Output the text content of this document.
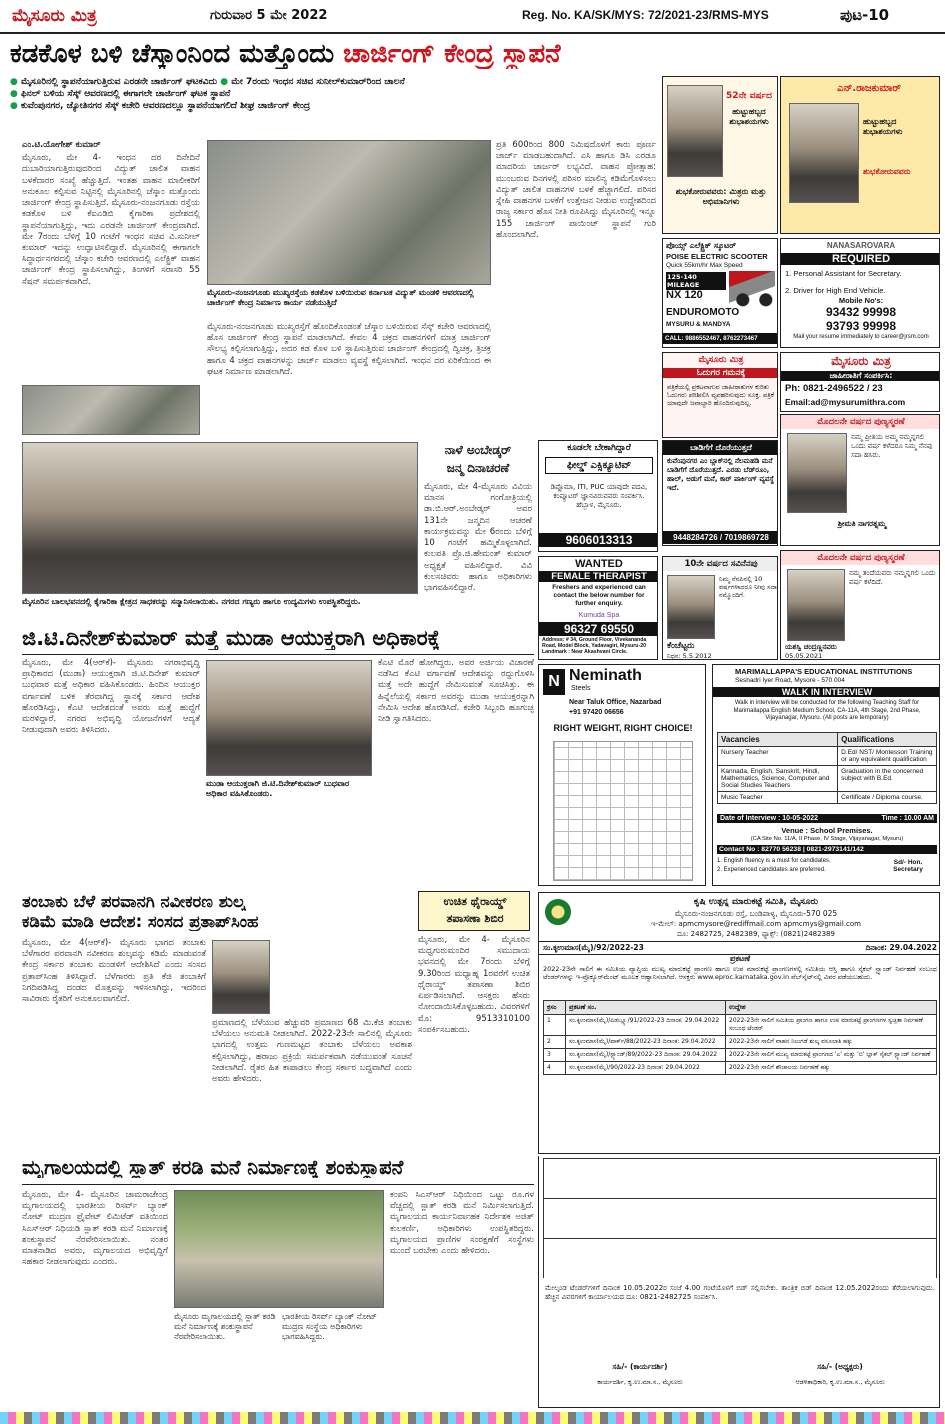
ಮೈಸೂರು ಮಿತ್ರ	ಗುರುವಾರ 5 ಮೇ 2022	Reg. No. KA/SK/MYS: 72/2021-23/RMS-MYS	ಪುಟ-10
ಕಡಕೊಳ ಬಳಿ ಚೆಸ್ಕಾಂನಿಂದ ಮತ್ತೊಂದು ಚಾರ್ಜಿಂಗ್ ಕೇಂದ್ರ ಸ್ಥಾಪನೆ
● ಮೈಸೂರಿನಲ್ಲಿ ಸ್ಥಾಪನೆಯಾಗುತ್ತಿರುವ ಎರಡನೇ ಚಾರ್ಜಿಂಗ್ ಘಟಕವಿದು ● ಮೇ 7ರಂದು ಇಂಧನ ಸಚಿವ ಸುನೀಲ್‌ಕುಮಾರ್‌ರಿಂದ ಚಾಲನೆ
● ಫಿನಲ್ ಬಳಿಯ ಸೆಸ್ಕ್ ಆವರಣದಲ್ಲಿ ಈಗಾಗಲೇ ಚಾರ್ಜಿಂಗ್ ಘಟಕ ಸ್ಥಾಪನೆ
● ಕುವೆಂಪುನಗರ, ಜ್ಯೋತಿನಗರ ಸೆಸ್ಕ್ ಕಚೇರಿ ಆವರಣದಲ್ಲೂ ಸ್ಥಾಪನೆಯಾಗಲಿದೆ ಶೀಘ್ರ ಚಾರ್ಜಿಂಗ್ ಕೇಂದ್ರ
ಎಂ.ಟಿ.ಯೋಗೇಶ್ ಕುಮಾರ್
ಮೈಸೂರು, ಮೇ 4- ಇಂಧನ ದರ ದಿನೇದಿನೆ ದುಬಾರಿಯಾಗುತ್ತಿರುವುದರಿಂದ ವಿದ್ಯುತ್ ಚಾಲಿತ ವಾಹನ ಬಳಕೆದಾರರ ಸಂಖ್ಯೆ ಹೆಚ್ಚುತ್ತಿದೆ. ಇಂತಹ ವಾಹನ ಮಾಲೀಕರಿಗೆ ಅನುಕೂಲ ಕಲ್ಪಿಸುವ ನಿಟ್ಟಿನಲ್ಲಿ ಮೈಸೂರಿನಲ್ಲಿ ಚೆಸ್ಕಾಂ ಮತ್ತೊಂದು ಚಾರ್ಜಿಂಗ್ ಕೇಂದ್ರ ಸ್ಥಾಪಿಸುತ್ತಿದೆ. ಮೈಸೂರು-ನಂಜನಗೂಡು ರಸ್ತೆಯ ಕಡಕೊಳ ಬಳಿ ಕೆಐಎಡಿಬಿ ಕೈಗಾರಿಕಾ ಪ್ರದೇಶದಲ್ಲಿ ಸ್ಥಾಪನೆಯಾಗುತ್ತಿದ್ದು, ಇದು ಎರಡನೇ ಚಾರ್ಜಿಂಗ್ ಕೇಂದ್ರವಾಗಿದೆ. ಮೇ 7ರಂದು ಬೆಳಿಗ್ಗೆ 10 ಗಂಟೆಗೆ ಇಂಧನ ಸಚಿವ ವಿ.ಸುನೀಲ್ ಕುಮಾರ್ ಇದನ್ನು ಉದ್ಘಾಟಿಸಲಿದ್ದಾರೆ. ಮೈಸೂರಿನಲ್ಲಿ ಈಗಾಗಲೇ ಸಿದ್ಧಾರ್ಥನಗರದಲ್ಲಿ ಚೆಸ್ಕಾಂ ಕಚೇರಿ ಆವರಣದಲ್ಲಿ ಎಲೆಕ್ಟ್ರಿಕ್ ವಾಹನ ಚಾರ್ಜಿಂಗ್ ಕೇಂದ್ರ ಸ್ಥಾಪಿಸಲಾಗಿದ್ದು, ತಿಂಗಳಿಗೆ ಸರಾಸರಿ 55 ಸೆಷನ್ ಸಮರ್ಪಕವಾಗಿದೆ.
ಮೈಸೂರು-ನಂಜನಗೂಡು ಮುಖ್ಯರಸ್ತೆಯ ಕಡಕೊಳ ಬಳಿಯಿರುವ ಕರ್ನಾಟಕ ವಿದ್ಯುತ್ ಮಂಡಳಿ ಆವರಣದಲ್ಲಿ ಚಾರ್ಜಿಂಗ್ ಕೇಂದ್ರ ನಿರ್ಮಾಣ ಕಾರ್ಯ ನಡೆಯುತ್ತಿದೆ
ಮೈಸೂರು-ನಂಜನಗೂಡು ಮುಖ್ಯರಸ್ತೆಗೆ ಹೊಂದಿಕೊಂಡಂತೆ ಚೆಸ್ಕಾಂ ಬಳಿಯಿರುವ ಸೆಸ್ಕ್ ಕಚೇರಿ ಆವರಣದಲ್ಲಿ ಹೊಸ ಚಾರ್ಜಿಂಗ್ ಕೇಂದ್ರ ಸ್ಥಾಪನೆ ಮಾಡಲಾಗಿದೆ. ಕೇವಲ 4 ಚಕ್ರದ ವಾಹನಗಳಿಗೆ ಮಾತ್ರ ಚಾರ್ಜಿಂಗ್ ಸೌಲಭ್ಯ ಕಲ್ಪಿಸಲಾಗುತ್ತಿದ್ದು, ಅದರ ಕಡ ಕೊಳ ಬಳಿ ಸ್ಥಾಪಿಸುತ್ತಿರುವ ಚಾರ್ಜಿಂಗ್ ಕೇಂದ್ರದಲ್ಲಿ ದ್ವಿಚಕ್ರ, ತ್ರಿಚಕ್ರ ಹಾಗೂ 4 ಚಕ್ರದ ವಾಹನಗಳನ್ನು ಚಾರ್ಜ್ ಮಾಡಲು ವ್ಯವಸ್ಥೆ ಕಲ್ಪಿಸಲಾಗಿದೆ. ಇಂಧನ ದರ ಏರಿಕೆಯಿಂದ ಈ ಘಟಕ ನಿರ್ಮಾಣ ಮಾಡಲಾಗಿದೆ.
ಪ್ರತಿ 600ರಿಂದ 800 ನಿಮಿಷದೊಳಗೆ ಕಾರು ಪೂರ್ಣ ಚಾರ್ಜ್ ಮಾಡಬಹುದಾಗಿದೆ. ಎಸಿ ಹಾಗೂ ಡಿಸಿ ಎರಡೂ ಮಾದರಿಯ ಚಾರ್ಜರ್ ಲಭ್ಯವಿದೆ. ವಾಹನ ಪ್ರೋತ್ಸಾಹ: ಮುಂಬರುವ ದಿನಗಳಲ್ಲಿ ಪರಿಸರ ಮಾಲಿನ್ಯ ಕಡಿಮೆಗೊಳಿಸಲು ವಿದ್ಯುತ್ ಚಾಲಿತ ವಾಹನಗಳ ಬಳಕೆ ಹೆಚ್ಚಾಗಲಿದೆ. ಪರಿಸರ ಸ್ನೇಹಿ ವಾಹನಗಳ ಬಳಕೆಗೆ ಉತ್ತೇಜನ ನೀಡುವ ಉದ್ದೇಶದಿಂದ ರಾಜ್ಯ ಸರ್ಕಾರ ಹೊಸ ನೀತಿ ರೂಪಿಸಿದ್ದು ಮೈಸೂರಿನಲ್ಲಿ ಇನ್ನೂ 155 ಚಾರ್ಜಿಂಗ್ ಪಾಯಿಂಟ್ ಸ್ಥಾಪನೆ ಗುರಿ ಹೊಂದಲಾಗಿದೆ.
52ನೇ ವರ್ಷದ
ಹುಟ್ಟುಹಬ್ಬದ ಶುಭಾಶಯಗಳು
ಶುಭಕೋರುವವರು: ಮಿತ್ರರು ಮತ್ತು ಅಭಿಮಾನಿಗಳು
ಎನ್.ರಾಜಕುಮಾರ್
ಹುಟ್ಟುಹಬ್ಬದ ಶುಭಾಶಯಗಳು
ಶುಭಕೋರುವವರು
ಪೊಯ್ಸ್ ಎಲೆಕ್ಟ್ರಿಕ್ ಸ್ಕೂಟರ್
POISE ELECTRIC SCOOTER
Quick 55km/hr Max Speed
125-140 MILEAGE
NX 120
ENDUROMOTO
MYSURU & MANDYA
CALL: 9886552467, 8762273467
NANASAROVARA
REQUIRED
1. Personal Assistant for Secretary.
2. Driver for High End Vehicle.
Mobile No's:
93432 99998
93793 99998
Mail your resume immediately to career@jrsm.com
ಮೈಸೂರು ಮಿತ್ರ
ಓದುಗರ ಗಮನಕ್ಕೆ
ಪತ್ರಿಕೆಯಲ್ಲಿ ಪ್ರಕಟವಾಗುವ ಜಾಹೀರಾತುಗಳ ಕುರಿತು ಓದುಗರು ಪರಿಶೀಲಿಸಿ ವ್ಯವಹರಿಸುವುದು ಸೂಕ್ತ. ಪತ್ರಿಕೆ ಯಾವುದೇ ಜವಾಬ್ದಾರಿ ಹೊಂದಿರುವುದಿಲ್ಲ.
ಮೈಸೂರು ಮಿತ್ರ
ಜಾಹೀರಾತಿಗೆ ಸಂಪರ್ಕಿಸಿ:
Ph: 0821-2496522 / 23
Email:ad@mysurumithra.com
ಬಾಡಿಗೆಗೆ ದೊರೆಯುತ್ತದೆ
ಕುವೆಂಪುನಗರ ಎಂ ಬ್ಲಾಕ್‌ನಲ್ಲಿ ನೆಲಮಹಡಿ ಮನೆ ಬಾಡಿಗೆಗೆ ದೊರೆಯುತ್ತದೆ. ಎರಡು ಬೆಡ್‌ರೂಂ, ಹಾಲ್, ಅಡುಗೆ ಮನೆ, ಕಾರ್ ಪಾರ್ಕಿಂಗ್ ವ್ಯವಸ್ಥೆ ಇದೆ.
9448284726 / 7019869728
ಮೊದಲನೇ ವರ್ಷದ ಪುಣ್ಯಸ್ಮರಣೆ
ನಮ್ಮ ಪ್ರೀತಿಯ ಅಮ್ಮ ನಮ್ಮನ್ನಗಲಿ ಒಂದು ವರ್ಷ ಕಳೆದರೂ ನಿಮ್ಮ ನೆನಪು ಸದಾ ಹಸಿರು.
ಶ್ರೀಮತಿ ನಾಗರತ್ನಮ್ಮ
ಮೈಸೂರಿನ ಬಾಲಭವನದಲ್ಲಿ ಕೈಗಾರಿಕಾ ಕ್ಷೇತ್ರದ ಸಾಧಕರನ್ನು ಸನ್ಮಾನಿಸಲಾಯಿತು. ನಗರದ ಗಣ್ಯರು ಹಾಗೂ ಉದ್ಯಮಿಗಳು ಉಪಸ್ಥಿತರಿದ್ದರು.
ನಾಳೆ ಅಂಬೇಡ್ಕರ್
ಜನ್ಮ ದಿನಾಚರಣೆ
ಮೈಸೂರು, ಮೇ 4-ಮೈಸೂರು ವಿವಿಯ ಮಾನಸ ಗಂಗೋತ್ರಿಯಲ್ಲಿ ಡಾ.ಬಿ.ಆರ್.ಅಂಬೇಡ್ಕರ್ ಅವರ 131ನೇ ಜನ್ಮದಿನ ಆಚರಣೆ ಕಾರ್ಯಕ್ರಮವನ್ನು ಮೇ 6ರಂದು ಬೆಳಿಗ್ಗೆ 10 ಗಂಟೆಗೆ ಹಮ್ಮಿಕೊಳ್ಳಲಾಗಿದೆ. ಕುಲಪತಿ ಪ್ರೊ.ಜಿ.ಹೇಮಂತ್ ಕುಮಾರ್ ಅಧ್ಯಕ್ಷತೆ ವಹಿಸಲಿದ್ದಾರೆ. ವಿವಿ ಕುಲಸಚಿವರು ಹಾಗೂ ಅಧಿಕಾರಿಗಳು ಭಾಗವಹಿಸಲಿದ್ದಾರೆ.
ಕೂಡಲೇ ಬೇಕಾಗಿದ್ದಾರೆ
ಫೀಲ್ಡ್ ಎಕ್ಸಿಕ್ಯೂಟಿವ್
ಡಿಪ್ಲೊಮಾ, ITI, PUC ಯಾವುದೇ ಪದವಿ, ಕಂಪ್ಯೂಟರ್ ಜ್ಞಾನವಿರುವವರು ಸಂಪರ್ಕಿಸಿ. ಹೆಬ್ಬಾಳ, ಮೈಸೂರು.
9606013313
WANTED
FEMALE THERAPIST
Freshers and experienced can contact the below number for further enquiry.
Kumuda Spa
96327 69550
Address: # 34, Ground Floor, Vivekananda Road, Model Block, Yadavagiri, Mysuru-20 Landmark : Near Akashvani Circle.
10ನೇ ವರ್ಷದ ಸವಿನೆನಪು
ನಿಮ್ಮ ನೆನಪಿನಲ್ಲಿ 10 ವರ್ಷಗಳಾದರೂ ನೀವು ಸದಾ ನಮ್ಮೊಂದಿಗೆ.
ಕೆಂಚೆಟ್ಟರು
ನಿಧನ: 5.5.2012
ಮೊದಲನೇ ವರ್ಷದ ಪುಣ್ಯಸ್ಮರಣೆ
ನಮ್ಮ ತಂದೆಯವರು ನಮ್ಮನ್ನಗಲಿ ಒಂದು ವರ್ಷ ಕಳೆದಿದೆ.
ಯಶಸ್ವಿ ಚಂದ್ರಣ್ಣನವರು
05.05.2021
ಜಿ.ಟಿ.ದಿನೇಶ್‌ಕುಮಾರ್ ಮತ್ತೆ ಮುಡಾ ಆಯುಕ್ತರಾಗಿ ಅಧಿಕಾರಕ್ಕೆ
ಮೈಸೂರು, ಮೇ 4(ಆರ್‌ಕೆ)- ಮೈಸೂರು ನಗರಾಭಿವೃದ್ಧಿ ಪ್ರಾಧಿಕಾರದ (ಮುಡಾ) ಆಯುಕ್ತರಾಗಿ ಜಿ.ಟಿ.ದಿನೇಶ್ ಕುಮಾರ್ ಬುಧವಾರ ಮತ್ತೆ ಅಧಿಕಾರ ವಹಿಸಿಕೊಂಡರು. ಹಿಂದಿನ ಆಯುಕ್ತರ ವರ್ಗಾವಣೆ ಬಳಿಕ ತೆರವಾಗಿದ್ದ ಸ್ಥಾನಕ್ಕೆ ಸರ್ಕಾರ ಆದೇಶ ಹೊರಡಿಸಿದ್ದು, ಕೆಎಟಿ ಆದೇಶದಂತೆ ಅವರು ಮತ್ತೆ ಹುದ್ದೆಗೆ ಮರಳಿದ್ದಾರೆ. ನಗರದ ಅಭಿವೃದ್ಧಿ ಯೋಜನೆಗಳಿಗೆ ಆದ್ಯತೆ ನೀಡುವುದಾಗಿ ಅವರು ತಿಳಿಸಿದರು.
ಮುಡಾ ಆಯುಕ್ತರಾಗಿ ಜಿ.ಟಿ.ದಿನೇಶ್‌ಕುಮಾರ್ ಬುಧವಾರ ಅಧಿಕಾರ ವಹಿಸಿಕೊಂಡರು.
ಕೆಎಟಿ ಮೊರೆ ಹೋಗಿದ್ದರು. ಅವರ ಅರ್ಜಿಯ ವಿಚಾರಣೆ ನಡೆಸಿದ ಕೆಎಟಿ ವರ್ಗಾವಣೆ ಆದೇಶವನ್ನು ರದ್ದುಗೊಳಿಸಿ ಮತ್ತೆ ಅದೇ ಹುದ್ದೆಗೆ ನೇಮಿಸುವಂತೆ ಸೂಚಿಸಿತ್ತು. ಈ ಹಿನ್ನೆಲೆಯಲ್ಲಿ ಸರ್ಕಾರ ಅವರನ್ನು ಮುಡಾ ಆಯುಕ್ತರನ್ನಾಗಿ ನೇಮಿಸಿ ಆದೇಶ ಹೊರಡಿಸಿದೆ. ಕಚೇರಿ ಸಿಬ್ಬಂದಿ ಹೂಗುಚ್ಛ ನೀಡಿ ಸ್ವಾಗತಿಸಿದರು.
N Neminath
Steels
Near Taluk Office, Nazarbad
+91 97420 06656
RIGHT WEIGHT, RIGHT CHOICE!
MARIMALLAPPA'S EDUCATIONAL INSTITUTIONS
Seshadri Iyer Road, Mysore - 570 004
WALK IN INTERVIEW
Walk in interview will be conducted for the following Teaching Staff for Marimallappa English Medium School, CA-11A, 4th Stage, 2nd Phase, Vijayanagar, Mysuru. (All posts are temporary)
Vacancies	Qualifications
Nursery Teacher	D.Ed/ NST/ Montessori Training or any equivalent qualification
Kannada, English, Sanskrit, Hindi, Mathematics, Science, Computer and Social Studies Teachers	Graduation in the concerned subject with B.Ed.
Music Teacher	Certificate / Diploma course.
Date of Interview : 10-05-2022	Time : 10.00 AM
Venue : School Premises.
(CA Site No. 11/A, II Phase, IV Stage, Vijayanagar, Mysuru)
Contact No : 82770 56238 | 0821-2973141/142
1. English fluency is a must for candidates.
2. Experienced candidates are preferred.
Sd/- Hon. Secretary
ತಂಬಾಕು ಬೆಳೆ ಪರವಾನಗಿ ನವೀಕರಣ ಶುಲ್ಕ
ಕಡಿಮೆ ಮಾಡಿ ಆದೇಶ: ಸಂಸದ ಪ್ರತಾಪ್‌ಸಿಂಹ
ಮೈಸೂರು, ಮೇ 4(ಆರ್‌ಕೆ)- ಮೈಸೂರು ಭಾಗದ ತಂಬಾಕು ಬೆಳೆಗಾರರ ಪರವಾನಗಿ ನವೀಕರಣ ಶುಲ್ಕವನ್ನು ಕಡಿಮೆ ಮಾಡುವಂತೆ ಕೇಂದ್ರ ಸರ್ಕಾರ ತಂಬಾಕು ಮಂಡಳಿಗೆ ಆದೇಶಿಸಿದೆ ಎಂದು ಸಂಸದ ಪ್ರತಾಪ್‌ಸಿಂಹ ತಿಳಿಸಿದ್ದಾರೆ. ಬೆಳೆಗಾರರು ಪ್ರತಿ ಕೆಜಿ ತಂಬಾಕಿಗೆ ನಿಗದಿಪಡಿಸಿದ್ದ ದಂಡದ ಮೊತ್ತವನ್ನು ಇಳಿಸಲಾಗಿದ್ದು, ಇದರಿಂದ ಸಾವಿರಾರು ರೈತರಿಗೆ ಅನುಕೂಲವಾಗಲಿದೆ.
ಪ್ರಮಾಣದಲ್ಲಿ ಬೆಳೆಯುವ ಹೆಚ್ಚುವರಿ ಪ್ರಮಾಣದ 68 ಮಿ.ಕೆಜಿ ತಂಬಾಕು ಬೆಳೆಯಲು ಅನುಮತಿ ನೀಡಲಾಗಿದೆ. 2022-23ನೇ ಸಾಲಿನಲ್ಲಿ ಮೈಸೂರು ಭಾಗದಲ್ಲಿ ಉತ್ತಮ ಗುಣಮಟ್ಟದ ತಂಬಾಕು ಬೆಳೆಯಲು ಅವಕಾಶ ಕಲ್ಪಿಸಲಾಗಿದ್ದು, ಹರಾಜು ಪ್ರಕ್ರಿಯೆ ಸಮರ್ಪಕವಾಗಿ ನಡೆಯುವಂತೆ ಸೂಚನೆ ನೀಡಲಾಗಿದೆ. ರೈತರ ಹಿತ ಕಾಪಾಡಲು ಕೇಂದ್ರ ಸರ್ಕಾರ ಬದ್ಧವಾಗಿದೆ ಎಂದು ಅವರು ಹೇಳಿದರು.
ಉಚಿತ ಥೈರಾಯ್ಡ್
ತಪಾಸಣಾ ಶಿಬಿರ
ಮೈಸೂರು, ಮೇ 4- ಮೈಸೂರಿನ ಮಧ್ವಗುರುಮಂದಿರ ಸಮುದಾಯ ಭವನದಲ್ಲಿ ಮೇ 7ರಂದು ಬೆಳಿಗ್ಗೆ 9.30ರಿಂದ ಮಧ್ಯಾಹ್ನ 1ರವರೆಗೆ ಉಚಿತ ಥೈರಾಯ್ಡ್ ತಪಾಸಣಾ ಶಿಬಿರ ಏರ್ಪಡಿಸಲಾಗಿದೆ. ಆಸಕ್ತರು ಹೆಸರು ನೋಂದಾಯಿಸಿಕೊಳ್ಳಬಹುದು. ವಿವರಗಳಿಗೆ ಮೊ: 9513310100 ಸಂಪರ್ಕಿಸಬಹುದು.
ಕೃಷಿ ಉತ್ಪನ್ನ ಮಾರುಕಟ್ಟೆ ಸಮಿತಿ, ಮೈಸೂರು
ಮೈಸೂರು-ನಂಜನಗೂಡು ರಸ್ತೆ, ಬಂಡಿಪಾಳ್ಯ, ಮೈಸೂರು-570 025
ಇ-ಮೇಲ್: apmcmysore@rediffmail.com apmcmys@gmail.com
ದೂ: 2482725, 2482389, ಫ್ಯಾಕ್ಸ್: (0821)2482389
ಸಂ.ಕೃಉಮಾಸ(ಮೈ)/92/2022-23	ದಿನಾಂಕ: 29.04.2022
ಪ್ರಕಟಣೆ
2022-23ನೇ ಸಾಲಿಗೆ ಈ ಸಮಿತಿಯ ವ್ಯಾಪ್ತಿಯ ಮುಖ್ಯ ಮಾರುಕಟ್ಟೆ ಪ್ರಾಂಗಣ ಹಾಗೂ ಉಪ ಮಾರುಕಟ್ಟೆ ಪ್ರಾಂಗಣಗಳಲ್ಲಿ ಸಮಿತಿಯ ಆಸ್ತಿ ಹಾಗೂ ಸೈಕಲ್ ಸ್ಟ್ಯಾಂಡ್ ನಿರ್ವಹಣೆ ಸಂಬಂಧ ಟೆಂಡರ್‌ಗಳನ್ನು ಇ-ಪ್ರೊಕ್ಯೂರ್‌ಮೆಂಟ್ ಮೂಲಕ ಆಹ್ವಾನಿಸಲಾಗಿದೆ. ಆಸಕ್ತರು www.eproc.karnataka.gov.in ವೆಬ್‌ಸೈಟ್‌ನಲ್ಲಿ ವಿವರ ಪಡೆಯಬಹುದು.
ಕ್ರಸಂ	ಪ್ರಕಟಣೆ ಸಂ.	ಉದ್ದೇಶ
1	ಸಂ.ಕೃಉಮಾಸ(ಮೈ)/ಪಿಡಬ್ಲ್ಯೂ/91/2022-23 ದಿನಾಂಕ: 29.04.2022	2022-23ನೇ ಸಾಲಿಗೆ ಸಮಿತಿಯ ಪ್ರಾಂಗಣ ಹಾಗೂ ಉಪ ಮಾರುಕಟ್ಟೆ ಪ್ರಾಂಗಣಗಳ ಸ್ವಚ್ಛತಾ ನಿರ್ವಹಣೆ ಸಂಬಂಧ ಟೆಂಡರ್
2	ಸಂ.ಕೃಉಮಾಸ(ಮೈ)/ಪಾರ್ಕ್/88/2022-23 ದಿನಾಂಕ: 29.04.2022	2022-23ನೇ ಸಾಲಿಗೆ ವಾಹನ ನಿಲುಗಡೆ ಶುಲ್ಕ ವಸೂಲಾತಿ ಹಕ್ಕು
3	ಸಂ.ಕೃಉಮಾಸ(ಮೈ)/ಸ್ಟ್ಯಾಂಡ್/89/2022-23 ದಿನಾಂಕ: 29.04.2022	2022-23ನೇ ಸಾಲಿಗೆ ಮುಖ್ಯ ಮಾರುಕಟ್ಟೆ ಪ್ರಾಂಗಣದ 'ಎ' ಮತ್ತು 'ಬಿ' ಬ್ಲಾಕ್ ಸೈಕಲ್ ಸ್ಟ್ಯಾಂಡ್ ನಿರ್ವಹಣೆ
4	ಸಂ.ಕೃಉಮಾಸ(ಮೈ)/90/2022-23 ದಿನಾಂಕ: 29.04.2022	2022-23ನೇ ಸಾಲಿಗೆ ಶೌಚಾಲಯ ನಿರ್ವಹಣೆ ಹಕ್ಕು
ಮೇಲ್ಕಂಡ ಟೆಂಡರ್‌ಗಳಿಗೆ ದಿನಾಂಕ 10.05.2022ರ ಸಂಜೆ 4.00 ಗಂಟೆಯೊಳಗೆ ಬಿಡ್ ಸಲ್ಲಿಸಬೇಕು. ತಾಂತ್ರಿಕ ಬಿಡ್ ದಿನಾಂಕ 12.05.2022ರಂದು ತೆರೆಯಲಾಗುವುದು. ಹೆಚ್ಚಿನ ವಿವರಗಳಿಗೆ ಕಾರ್ಯಾಲಯದ ದೂ: 0821-2482725 ಸಂಪರ್ಕಿಸಿ.
ಸಹಿ/- (ಕಾರ್ಯದರ್ಶಿ)	ಸಹಿ/- (ಅಧ್ಯಕ್ಷರು)
ಕಾರ್ಯದರ್ಶಿ, ಕೃ.ಉ.ಮಾ.ಸ., ಮೈಸೂರು	ಆಡಳಿತಾಧಿಕಾರಿ, ಕೃ.ಉ.ಮಾ.ಸ., ಮೈಸೂರು
ಮೃಗಾಲಯದಲ್ಲಿ ಸ್ಲಾತ್ ಕರಡಿ ಮನೆ ನಿರ್ಮಾಣಕ್ಕೆ ಶಂಕುಸ್ಥಾಪನೆ
ಮೈಸೂರು, ಮೇ 4- ಮೈಸೂರಿನ ಚಾಮರಾಜೇಂದ್ರ ಮೃಗಾಲಯದಲ್ಲಿ ಭಾರತೀಯ ರಿಸರ್ವ್ ಬ್ಯಾಂಕ್ ನೋಟ್ ಮುದ್ರಣ ಪ್ರೈವೇಟ್ ಲಿಮಿಟೆಡ್ ವತಿಯಿಂದ ಸಿಎಸ್‌ಆರ್ ನಿಧಿಯಡಿ ಸ್ಲಾತ್ ಕರಡಿ ಮನೆ ನಿರ್ಮಾಣಕ್ಕೆ ಶಂಕುಸ್ಥಾಪನೆ ನೆರವೇರಿಸಲಾಯಿತು. ನಂತರ ಮಾತನಾಡಿದ ಅವರು, ಮೃಗಾಲಯದ ಅಭಿವೃದ್ಧಿಗೆ ಸಹಕಾರ ನೀಡಲಾಗುವುದು ಎಂದರು.
ಮೈಸೂರು ಮೃಗಾಲಯದಲ್ಲಿ ಸ್ಲಾತ್ ಕರಡಿ ಮನೆ ನಿರ್ಮಾಣಕ್ಕೆ ಶಂಕುಸ್ಥಾಪನೆ ನೆರವೇರಿಸಲಾಯಿತು.
ಭಾರತೀಯ ರಿಸರ್ವ್ ಬ್ಯಾಂಕ್ ನೋಟ್ ಮುದ್ರಣ ಸಂಸ್ಥೆಯ ಅಧಿಕಾರಿಗಳು ಭಾಗವಹಿಸಿದ್ದರು.
ಕಂಪನಿ ಸಿಎಸ್‌ಆರ್ ನಿಧಿಯಿಂದ ಒಟ್ಟು ರೂ.ಗಳ ವೆಚ್ಚದಲ್ಲಿ ಸ್ಲಾತ್ ಕರಡಿ ಮನೆ ನಿರ್ಮಿಸಲಾಗುತ್ತಿದೆ. ಮೃಗಾಲಯದ ಕಾರ್ಯನಿರ್ವಾಹಕ ನಿರ್ದೇಶಕ ಅಜಿತ್ ಕುಲಕರ್ಣಿ, ಅಧಿಕಾರಿಗಳು ಉಪಸ್ಥಿತರಿದ್ದರು. ಮೃಗಾಲಯದ ಪ್ರಾಣಿಗಳ ಸಂರಕ್ಷಣೆಗೆ ಸಂಸ್ಥೆಗಳು ಮುಂದೆ ಬರಬೇಕು ಎಂದು ಹೇಳಿದರು.
